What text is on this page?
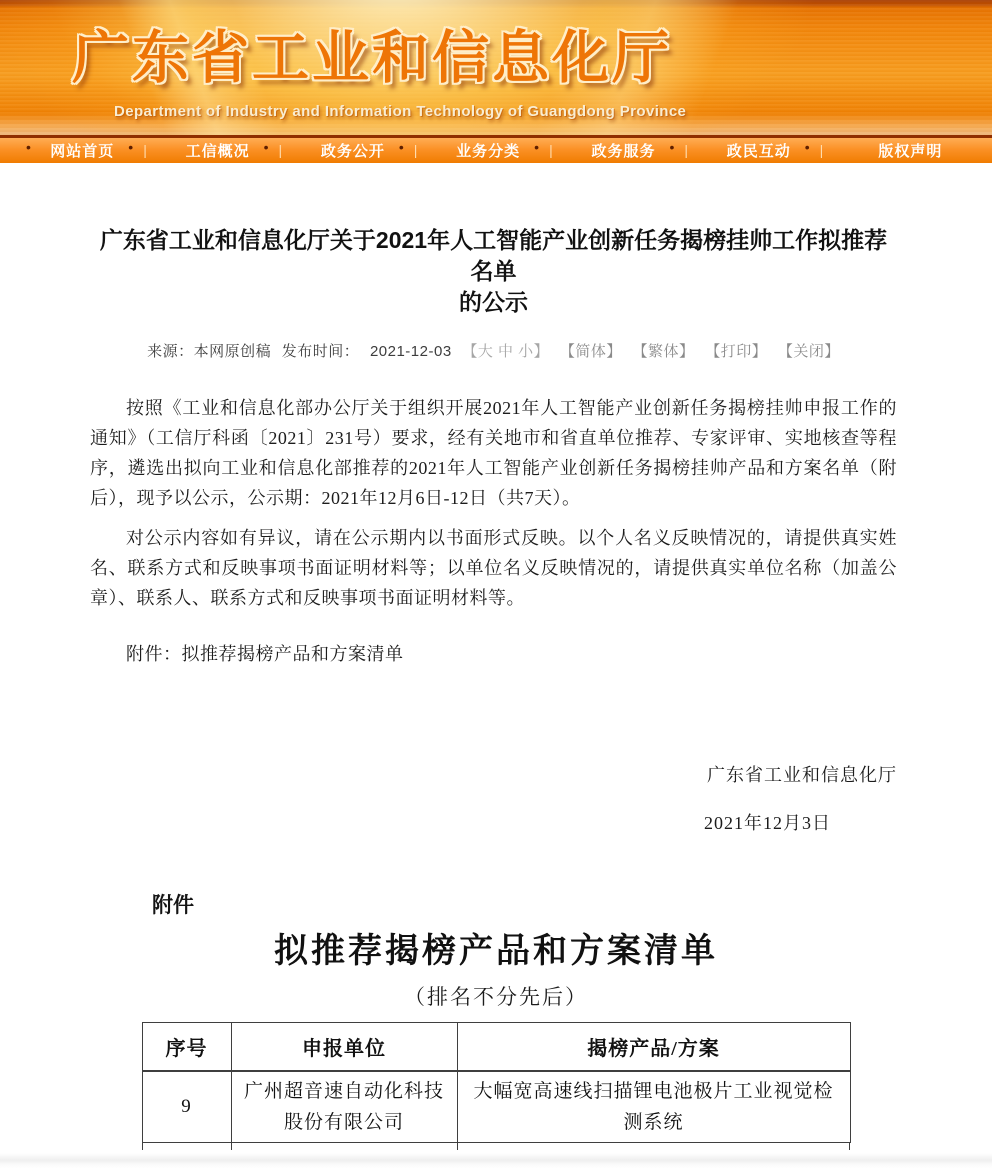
广东省工业和信息化厅
Department of Industry and Information Technology of Guangdong Province
• 网站首页 • |	工信概况 • |	政务公开 • |	业务分类 • |	政务服务 • |	政民互动 • |	版权声明
广东省工业和信息化厅关于2021年人工智能产业创新任务揭榜挂帅工作拟推荐名单
的公示
来源：本网原创稿 发布时间： 2021-12-03 【大 中 小】 【简体】 【繁体】 【打印】 【关闭】

按照《工业和信息化部办公厅关于组织开展2021年人工智能产业创新任务揭榜挂帅申报工作的通知》（工信厅科函〔2021〕231号）要求，经有关地市和省直单位推荐、专家评审、实地核查等程序，遴选出拟向工业和信息化部推荐的2021年人工智能产业创新任务揭榜挂帅产品和方案名单（附后），现予以公示，公示期：2021年12月6日-12日（共7天）。

对公示内容如有异议，请在公示期内以书面形式反映。以个人名义反映情况的，请提供真实姓名、联系方式和反映事项书面证明材料等；以单位名义反映情况的，请提供真实单位名称（加盖公章）、联系人、联系方式和反映事项书面证明材料等。

附件：拟推荐揭榜产品和方案清单

广东省工业和信息化厅
2021年12月3日
附件
拟推荐揭榜产品和方案清单
（排名不分先后）
序号	申报单位	揭榜产品/方案
9	广州超音速自动化科技股份有限公司	大幅宽高速线扫描锂电池极片工业视觉检测系统
